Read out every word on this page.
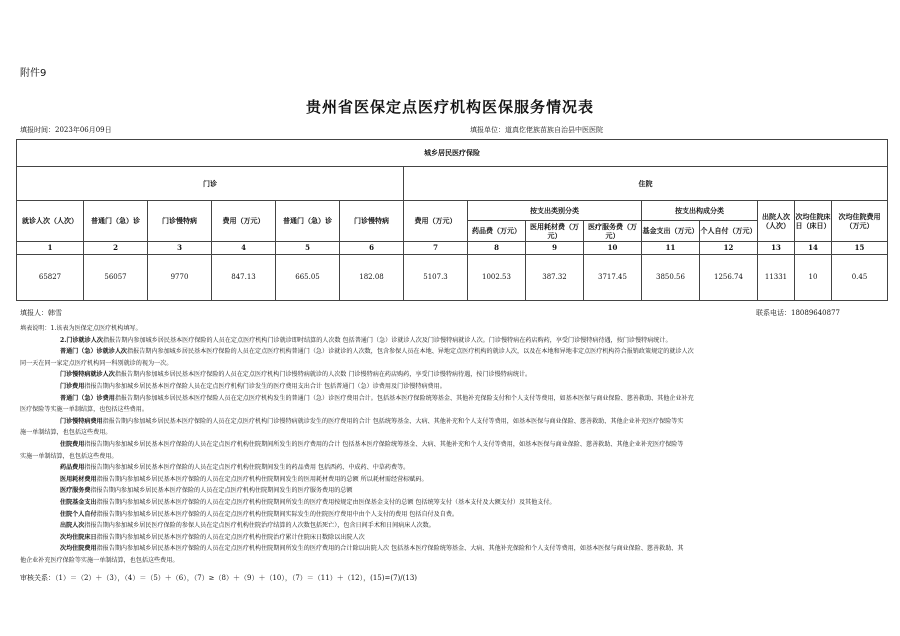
附件9
贵州省医保定点医疗机构医保服务情况表
填报时间：2023年06月09日	填报单位：道真仡佬族苗族自治县中医医院
城乡居民医疗保险														
门诊						住院								
就诊人次（人次）	普通门（急）诊	门诊慢特病	费用（万元）	普通门（急）诊	门诊慢特病	费用（万元）	按支出类别分类			按支出构成分类		出院人次（人次）	次均住院床日（床日）	次均住院费用（万元）
							药品费（万元）	医用耗材费（万元）	医疗服务费（万元）	基金支出（万元）	个人自付（万元）			
1	2	3	4	5	6	7	8	9	10	11	12	13	14	15
65827	56057	9770	847.13	665.05	182.08	5107.3	1002.53	387.32	3717.45	3850.56	1256.74	11331	10	0.45
填报人：韩雪	联系电话：18089640877
填表说明：1.该表为医保定点医疗机构填写。
2.门诊就诊人次指报告期内参加城乡居民基本医疗保险的人员在定点医疗机构门诊就诊即时结算的人次数 包括普通门（急）诊就诊人次及门诊慢特病就诊人次。门诊慢特病在药店购药，享受门诊慢特病待遇，按门诊慢特病统计。
普通门（急）诊就诊人次指报告期内参加城乡居民基本医疗保险的人员在定点医疗机构普通门（急）诊就诊的人次数，包含参保人员在本地、异地定点医疗机构的就诊人次，以及在本地和异地非定点医疗机构符合报销政策规定的就诊人次
同一天在同一家定点医疗机构同一科别就诊的视为一次。
门诊慢特病就诊人次指报告期内参加城乡居民基本医疗保险的人员在定点医疗机构门诊慢特病就诊的人次数 门诊慢特病在药店购药，享受门诊慢特病待遇，按门诊慢特病统计。
门诊费用指报告期内参加城乡居民基本医疗保险人员在定点医疗机构门诊发生的医疗费用支出合计 包括普通门（急）诊费用及门诊慢特病费用。
普通门（急）诊费用指报告期内参加城乡居民基本医疗保险人员在定点医疗机构发生的普通门（急）诊医疗费用合计。包括基本医疗保险统筹基金、其他补充保险支付和个人支付等费用，如基本医保与商业保险、慈善救助、其他企业补充
医疗保险等实施一单制结算，也包括这些费用。
门诊慢特病费用指报告期内参加城乡居民基本医疗保险的人员在定点医疗机构门诊慢特病就诊发生的医疗费用的合计 包括统筹基金、大病、其他补充和个人支付等费用，如基本医保与商业保险、慈善救助、其他企业补充医疗保险等实
施一单制结算，也包括这些费用。
住院费用指报告期内参加城乡居民基本医疗保险的人员在定点医疗机构住院期间所发生的医疗费用的合计 包括基本医疗保险统筹基金、大病、其他补充和个人支付等费用，如基本医保与商业保险、慈善救助、其他企业补充医疗保险等
实施一单制结算，也包括这些费用。
药品费用指报告期内参加城乡居民基本医疗保险的人员在定点医疗机构住院期间发生的药品费用 包括西药、中成药、中草药费等。
医用耗材费用指报告期内参加城乡居民基本医疗保险的人员在定点医疗机构住院期间发生的医用耗材费用的总额 所以耗材需经营标赋码。
医疗服务费指报告期内参加城乡居民基本医疗保险的人员在定点医疗机构住院期间发生的医疗服务费用的总额
住院基金支出指报告期内参加城乡居民基本医疗保险的人员在定点医疗机构住院期间所发生的医疗费用按规定由医保基金支付的总额 包括统筹支付（基本支付及大额支付）及其他支付。
住院个人自付指报告期内参加城乡居民基本医疗保险的人员在定点医疗机构住院期间实际发生的住院医疗费用中由个人支付的费用 包括自付及自费。
出院人次指报告期内参加城乡居民医疗保险的参保人员在定点医疗机构住院治疗结算的人次数包括死亡），包含日间手术和日间病床人次数。
次均住院床日指报告期内参加城乡居民基本医疗保险的人员在定点医疗机构住院治疗累计住院床日数除以出院人次
次均住院费用指报告期内参加城乡居民基本医疗保险的人员在定点医疗机构住院期间所发生的医疗费用的合计除以出院人次 包括基本医疗保险统筹基金、大病、其他补充保险和个人支付等费用，如基本医保与商业保险、慈善救助、其
他企业补充医疗保险等实施一单制结算，也包括这些费用。
审核关系：（1）＝（2）＋（3），（4）＝（5）＋（6），（7）≥（8）＋（9）＋（10），（7）＝（11）＋（12），(15)=(7)/(13)
